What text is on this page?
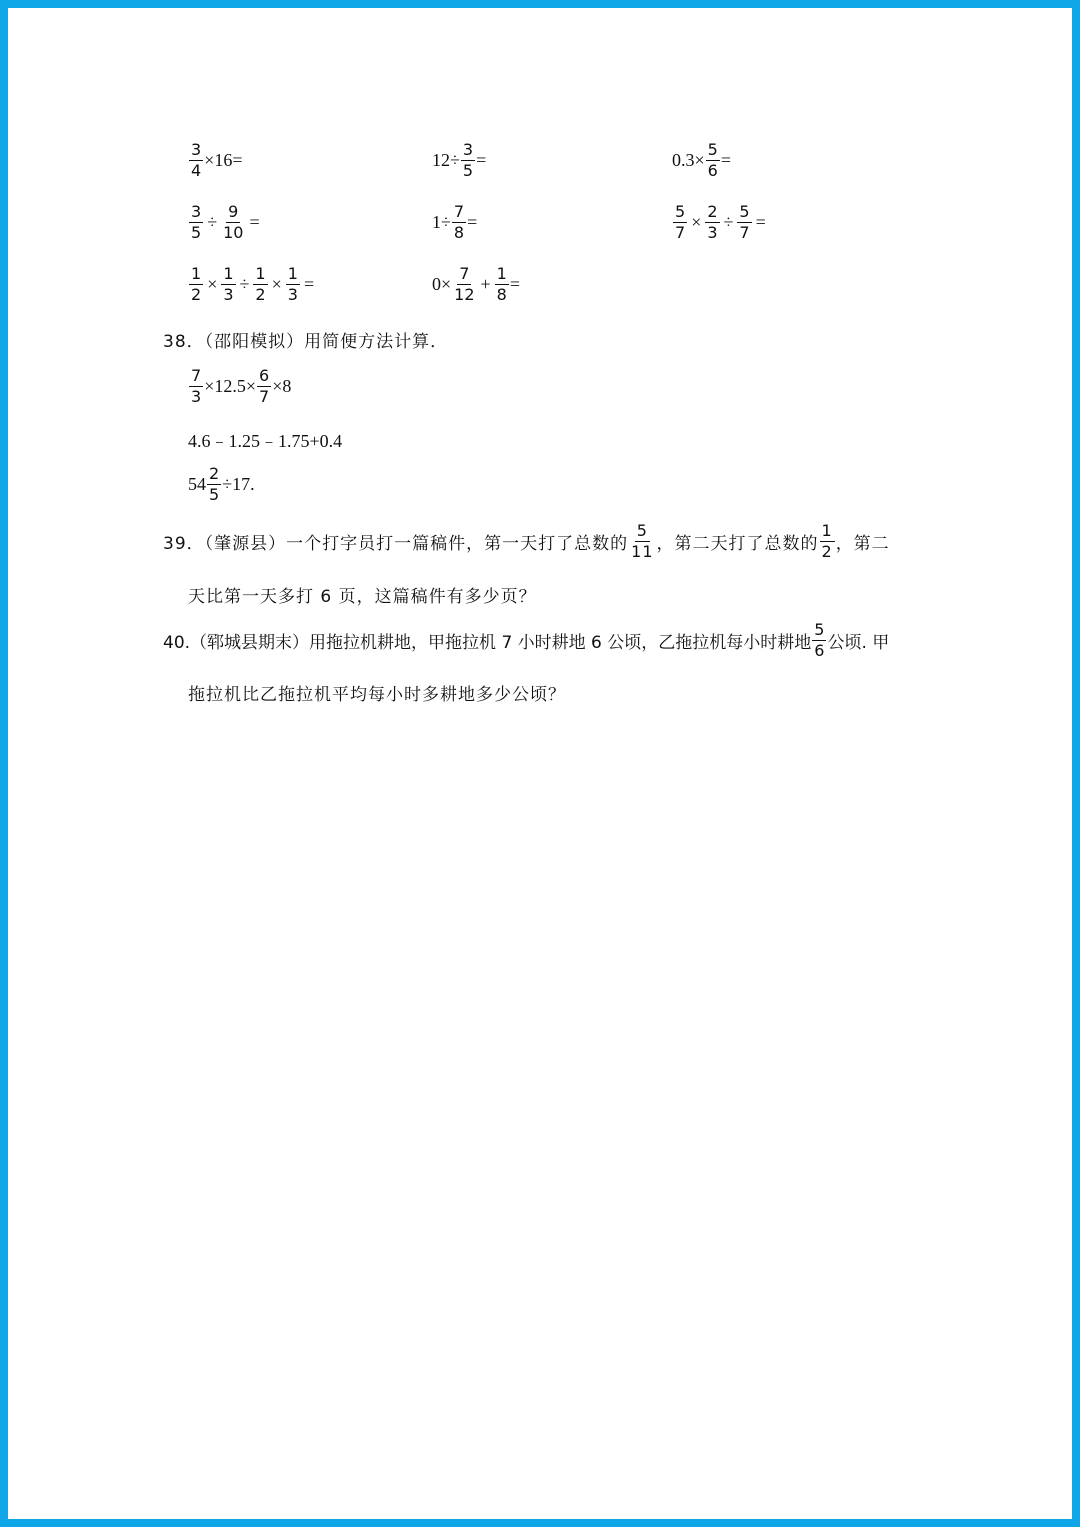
$\frac{3}{4} \times 16=$	$12\div \frac{3}{5}$ =	$0.3\times \frac{5}{6}$ =
$\frac{3}{5} \div \frac{9}{10}$ =	$1\div \frac{7}{8}$ =	$\frac{5}{7} \times \frac{2}{3} \div \frac{5}{7}$ =
$\frac{1}{2} \times \frac{1}{3} \div \frac{1}{2} \times \frac{1}{3}$ =	$0\times \frac{7}{12} + \frac{1}{8}$ =
38．（邵阳模拟）用简便方法计算．
$\frac{7}{3} \times 12.5\times \frac{6}{7} \times 8$
4.6﹣1.25﹣1.75+0.4
$54 \frac{2}{5} \div 17$.
39．（肇源县）一个打字员打一篇稿件，第一天打了总数的 $\frac{5}{11}$ ，第二天打了总数的 $\frac{1}{2}$ ，第二
天比第一天多打 6 页，这篇稿件有多少页？
40.（郓城县期末）用拖拉机耕地，甲拖拉机 7 小时耕地 6 公顷，乙拖拉机每小时耕地 $\frac{5}{6}$ 公顷. 甲
拖拉机比乙拖拉机平均每小时多耕地多少公顷？
